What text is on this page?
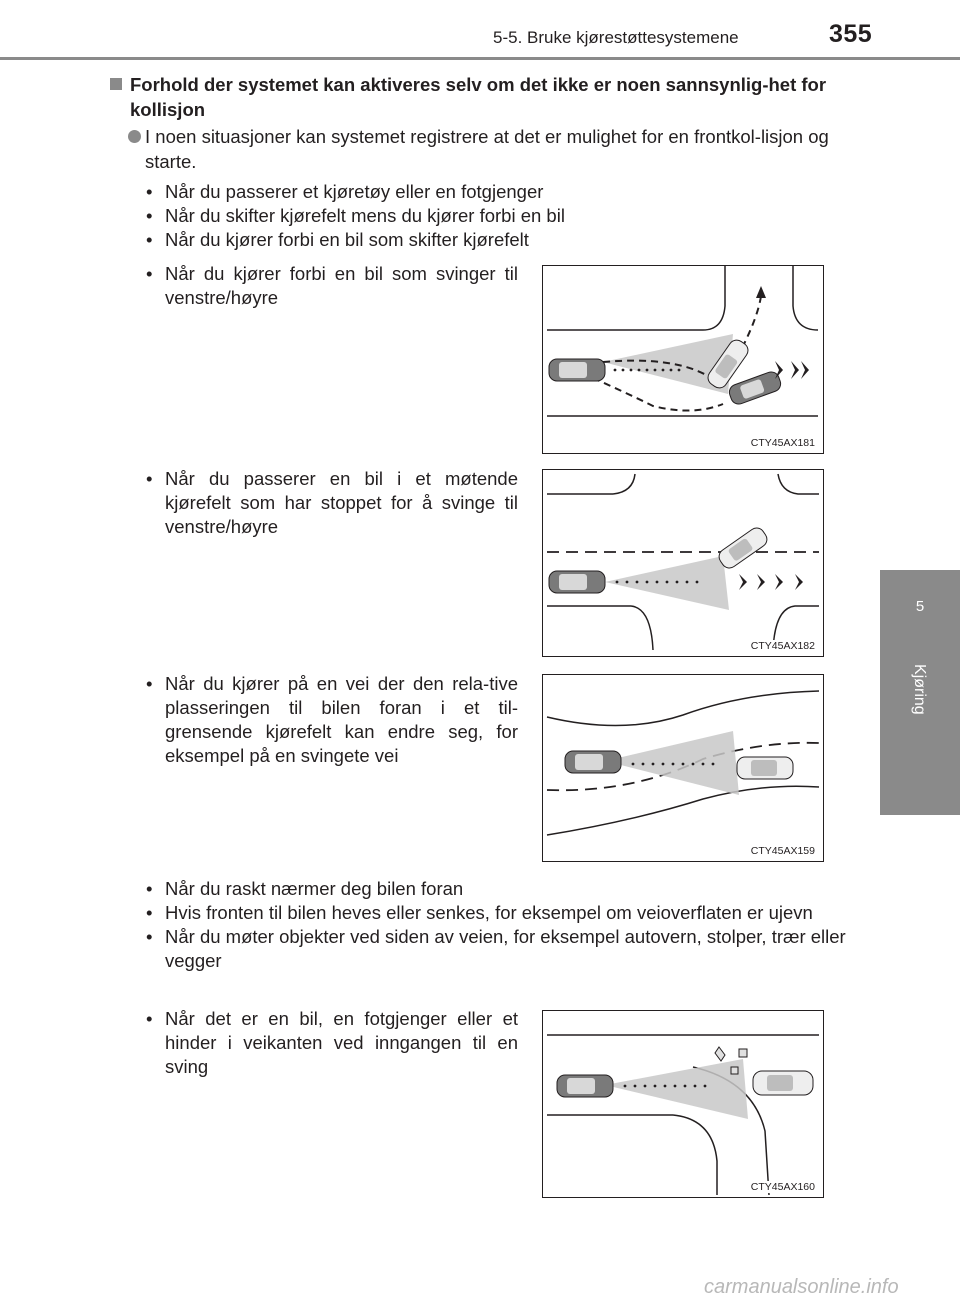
5-5. Bruke kjørestøttesystemene	355
5
Kjøring
Forhold der systemet kan aktiveres selv om det ikke er noen sannsynlig-het for kollisjon
I noen situasjoner kan systemet registrere at det er mulighet for en frontkol-lisjon og starte.
• Når du passerer et kjøretøy eller en fotgjenger
• Når du skifter kjørefelt mens du kjører forbi en bil
• Når du kjører forbi en bil som skifter kjørefelt
• Når du kjører forbi en bil som svinger til venstre/høyre
CTY45AX181
• Når du passerer en bil i et møtende kjørefelt som har stoppet for å svinge til venstre/høyre
CTY45AX182
• Når du kjører på en vei der den rela-tive plasseringen til bilen foran i et til-grensende kjørefelt kan endre seg, for eksempel på en svingete vei
CTY45AX159
• Når du raskt nærmer deg bilen foran
• Hvis fronten til bilen heves eller senkes, for eksempel om veioverflaten er ujevn
• Når du møter objekter ved siden av veien, for eksempel autovern, stolper, trær eller vegger
• Når det er en bil, en fotgjenger eller et hinder i veikanten ved inngangen til en sving
CTY45AX160
carmanualsonline.info
